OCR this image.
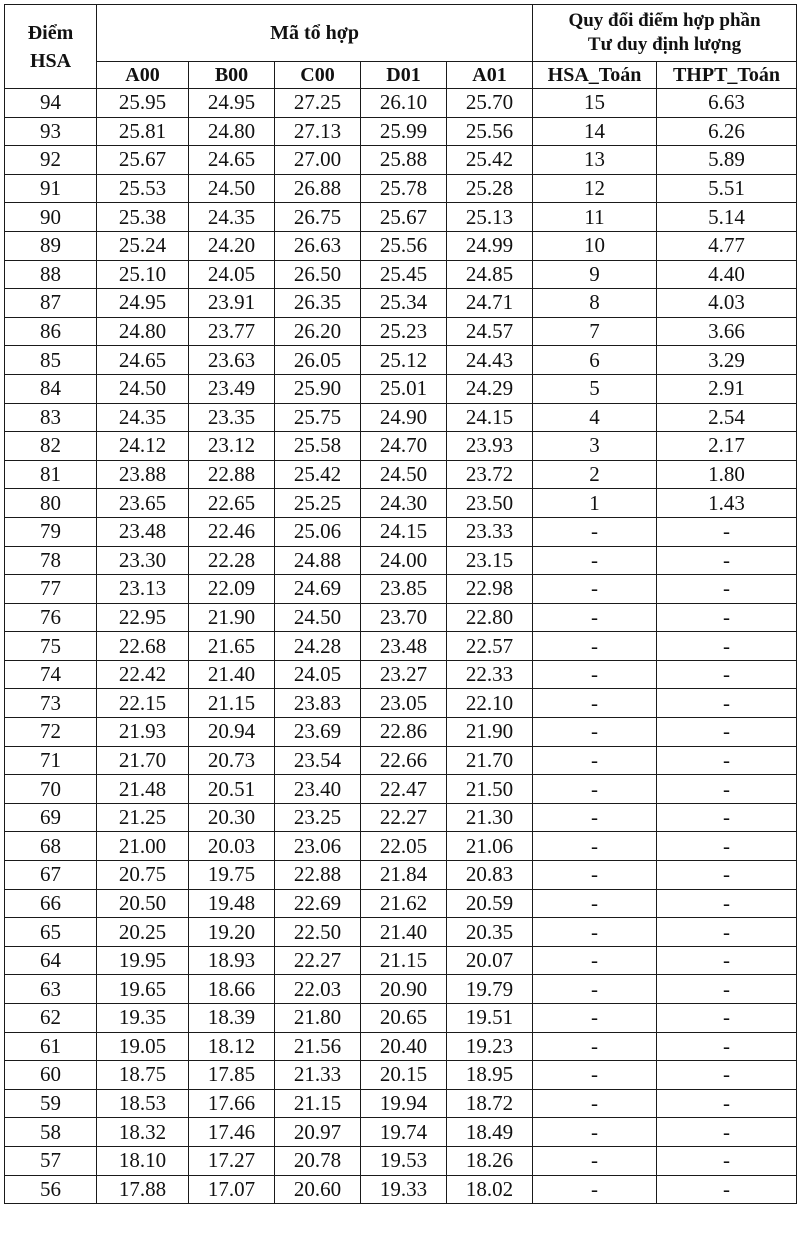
Điểm
HSA	Mã tổ hợp					Quy đổi điểm hợp phần
Tư duy định lượng	
	A00	B00	C00	D01	A01	HSA_Toán	THPT_Toán
94	25.95	24.95	27.25	26.10	25.70	15	6.63
93	25.81	24.80	27.13	25.99	25.56	14	6.26
92	25.67	24.65	27.00	25.88	25.42	13	5.89
91	25.53	24.50	26.88	25.78	25.28	12	5.51
90	25.38	24.35	26.75	25.67	25.13	11	5.14
89	25.24	24.20	26.63	25.56	24.99	10	4.77
88	25.10	24.05	26.50	25.45	24.85	9	4.40
87	24.95	23.91	26.35	25.34	24.71	8	4.03
86	24.80	23.77	26.20	25.23	24.57	7	3.66
85	24.65	23.63	26.05	25.12	24.43	6	3.29
84	24.50	23.49	25.90	25.01	24.29	5	2.91
83	24.35	23.35	25.75	24.90	24.15	4	2.54
82	24.12	23.12	25.58	24.70	23.93	3	2.17
81	23.88	22.88	25.42	24.50	23.72	2	1.80
80	23.65	22.65	25.25	24.30	23.50	1	1.43
79	23.48	22.46	25.06	24.15	23.33	-	-
78	23.30	22.28	24.88	24.00	23.15	-	-
77	23.13	22.09	24.69	23.85	22.98	-	-
76	22.95	21.90	24.50	23.70	22.80	-	-
75	22.68	21.65	24.28	23.48	22.57	-	-
74	22.42	21.40	24.05	23.27	22.33	-	-
73	22.15	21.15	23.83	23.05	22.10	-	-
72	21.93	20.94	23.69	22.86	21.90	-	-
71	21.70	20.73	23.54	22.66	21.70	-	-
70	21.48	20.51	23.40	22.47	21.50	-	-
69	21.25	20.30	23.25	22.27	21.30	-	-
68	21.00	20.03	23.06	22.05	21.06	-	-
67	20.75	19.75	22.88	21.84	20.83	-	-
66	20.50	19.48	22.69	21.62	20.59	-	-
65	20.25	19.20	22.50	21.40	20.35	-	-
64	19.95	18.93	22.27	21.15	20.07	-	-
63	19.65	18.66	22.03	20.90	19.79	-	-
62	19.35	18.39	21.80	20.65	19.51	-	-
61	19.05	18.12	21.56	20.40	19.23	-	-
60	18.75	17.85	21.33	20.15	18.95	-	-
59	18.53	17.66	21.15	19.94	18.72	-	-
58	18.32	17.46	20.97	19.74	18.49	-	-
57	18.10	17.27	20.78	19.53	18.26	-	-
56	17.88	17.07	20.60	19.33	18.02	-	-
